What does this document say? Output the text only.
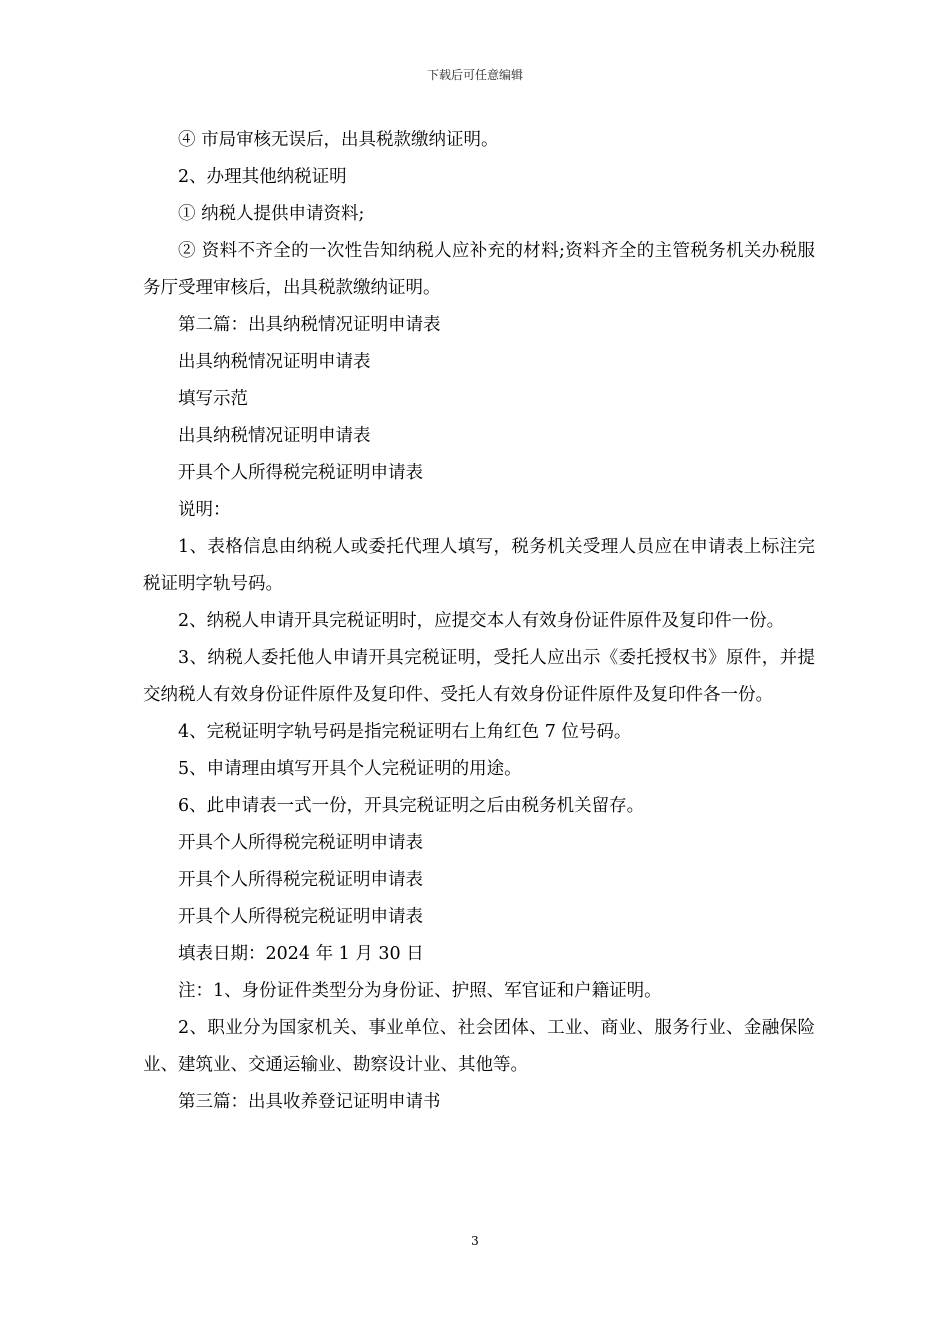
下载后可任意编辑

④ 市局审核无误后，出具税款缴纳证明。

2、办理其他纳税证明

① 纳税人提供申请资料;

② 资料不齐全的一次性告知纳税人应补充的材料;资料齐全的主管税务机关办税服务厅受理审核后，出具税款缴纳证明。

第二篇：出具纳税情况证明申请表

出具纳税情况证明申请表

填写示范

出具纳税情况证明申请表

开具个人所得税完税证明申请表

说明：

1、表格信息由纳税人或委托代理人填写，税务机关受理人员应在申请表上标注完税证明字轨号码。

2、纳税人申请开具完税证明时，应提交本人有效身份证件原件及复印件一份。

3、纳税人委托他人申请开具完税证明，受托人应出示《委托授权书》原件，并提交纳税人有效身份证件原件及复印件、受托人有效身份证件原件及复印件各一份。

4、完税证明字轨号码是指完税证明右上角红色 7 位号码。

5、申请理由填写开具个人完税证明的用途。

6、此申请表一式一份，开具完税证明之后由税务机关留存。

开具个人所得税完税证明申请表

开具个人所得税完税证明申请表

开具个人所得税完税证明申请表

填表日期：2024 年 1 月 30 日

注：1、身份证件类型分为身份证、护照、军官证和户籍证明。

2、职业分为国家机关、事业单位、社会团体、工业、商业、服务行业、金融保险业、建筑业、交通运输业、勘察设计业、其他等。

第三篇：出具收养登记证明申请书

3
